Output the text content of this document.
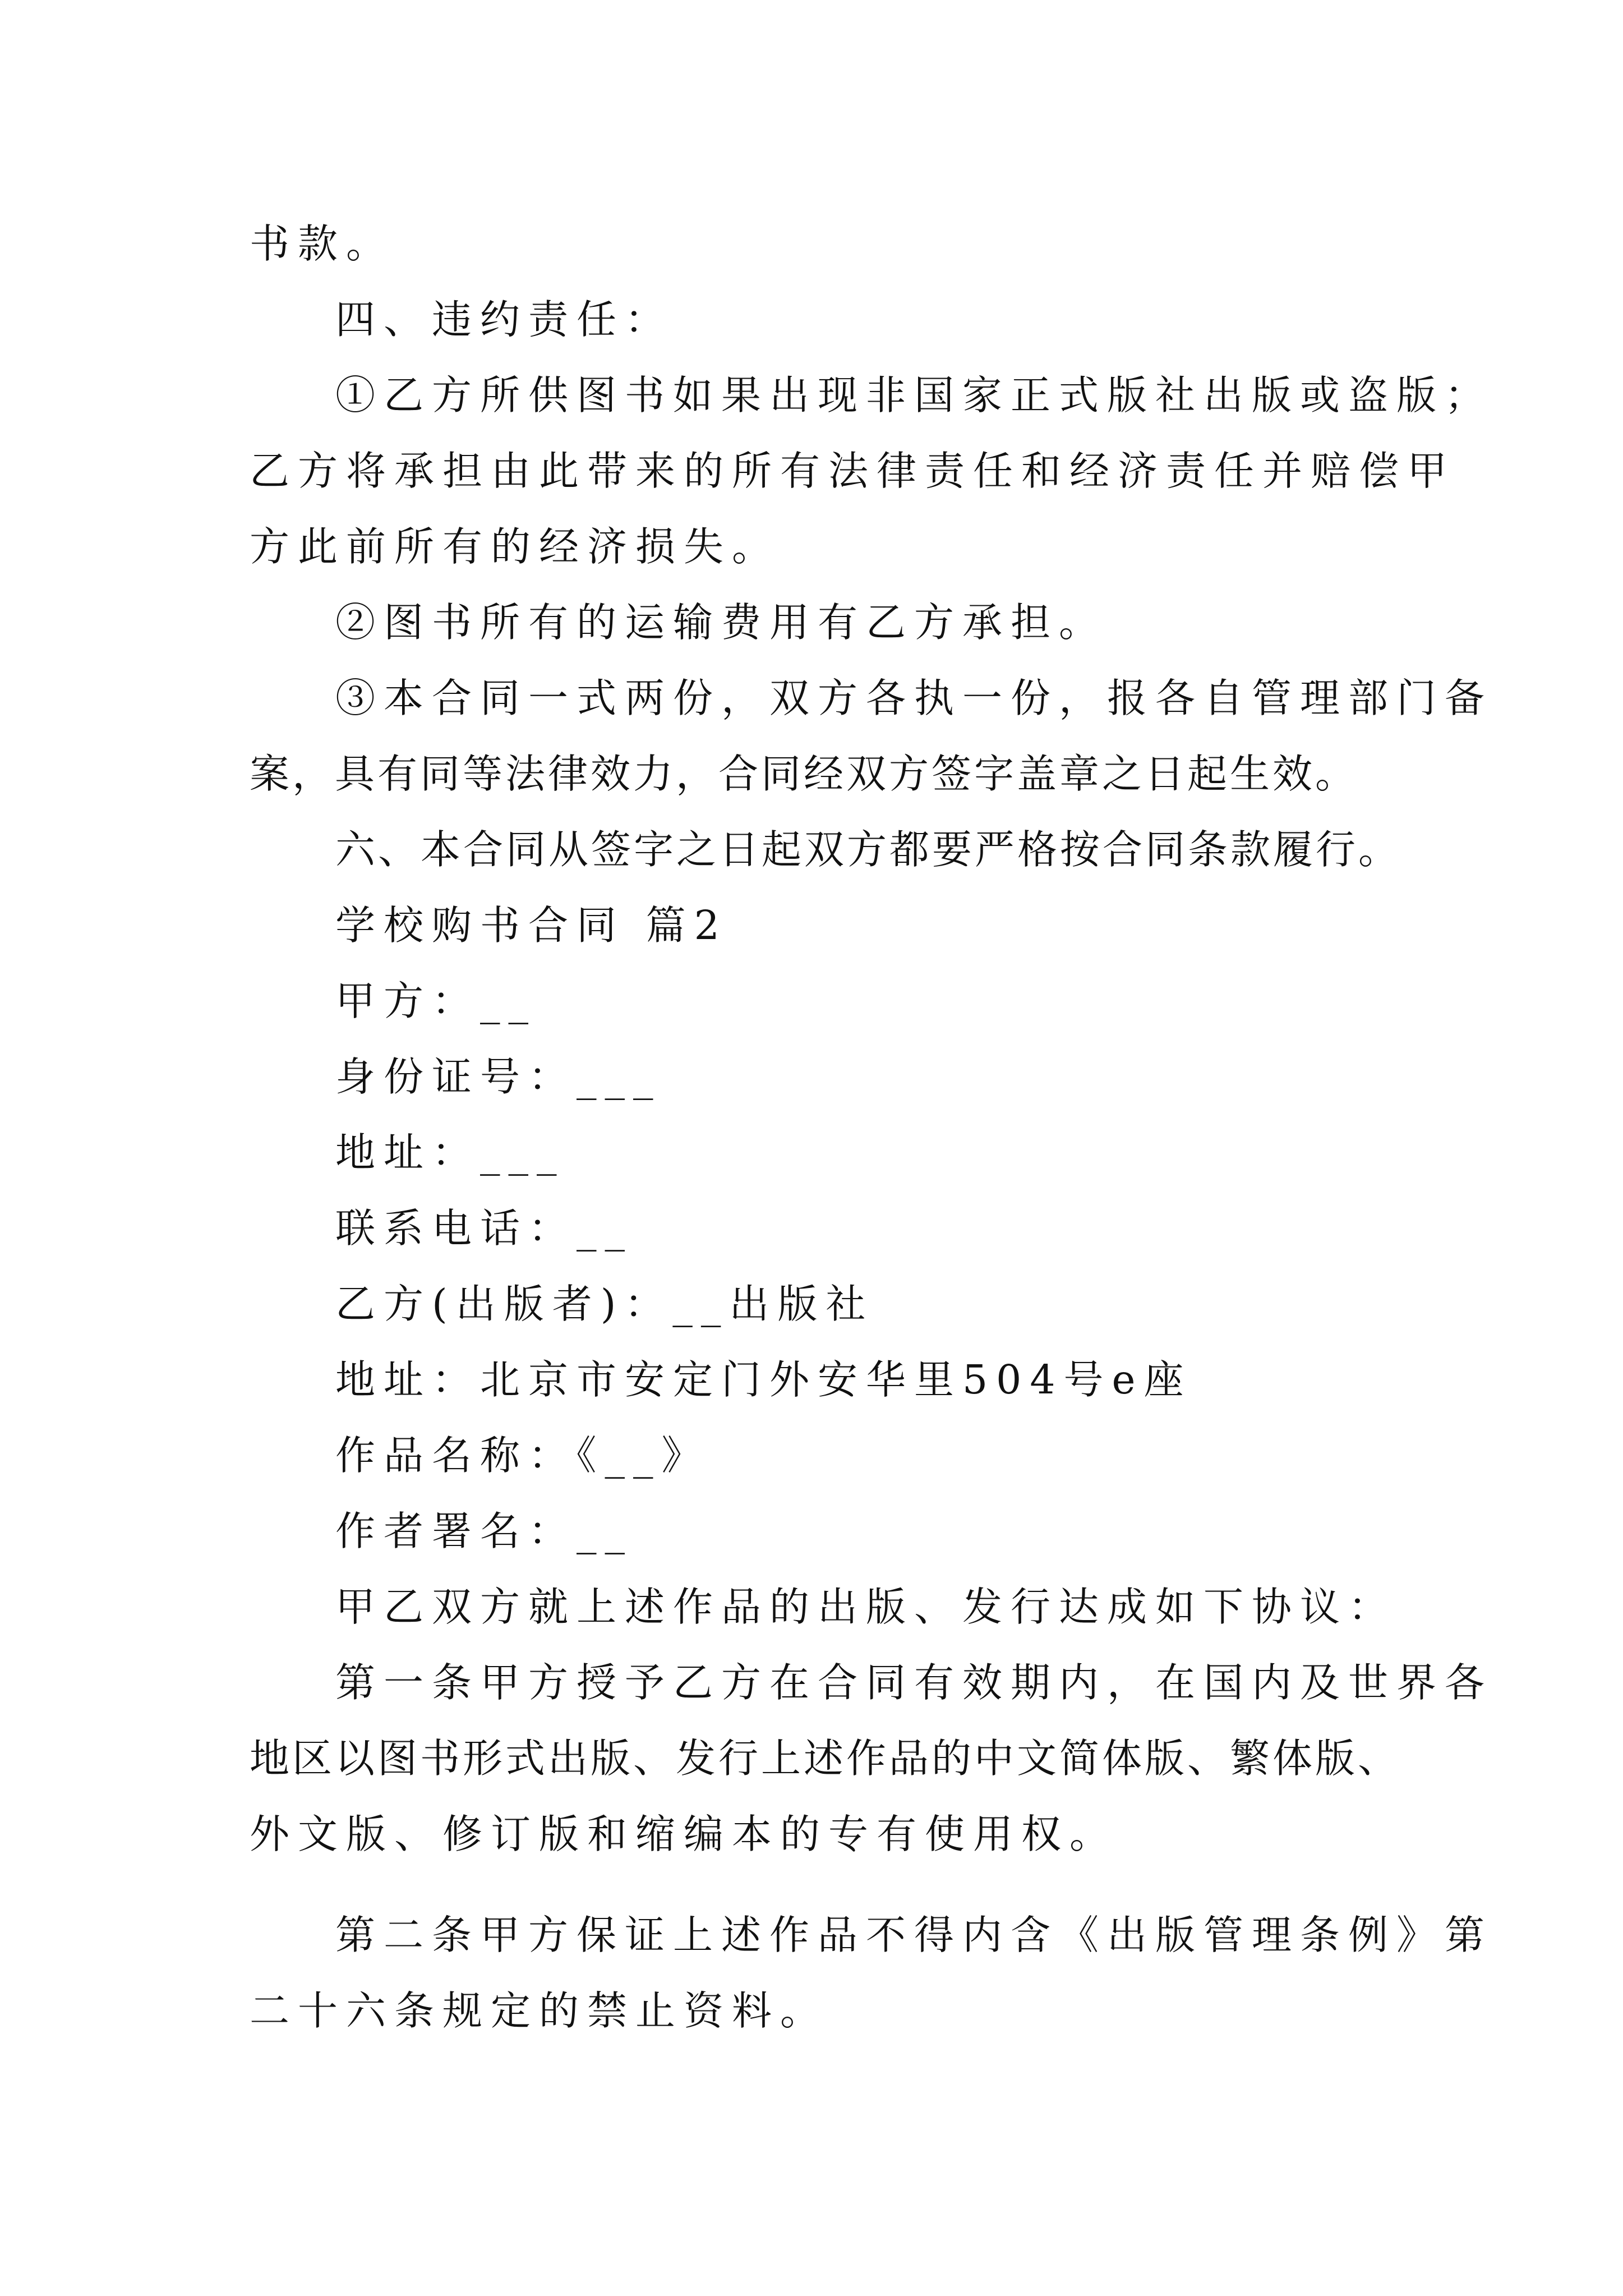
书款。
四、违约责任：
①乙方所供图书如果出现非国家正式版社出版或盗版；
乙方将承担由此带来的所有法律责任和经济责任并赔偿甲
方此前所有的经济损失。
②图书所有的运输费用有乙方承担。
③本合同一式两份，双方各执一份，报各自管理部门备
案，具有同等法律效力，合同经双方签字盖章之日起生效。
六、本合同从签字之日起双方都要严格按合同条款履行。
学校购书合同 篇2
甲方：__
身份证号：___
地址：___
联系电话：__
乙方(出版者)：__出版社
地址：北京市安定门外安华里504号e座
作品名称：《__》
作者署名：__
甲乙双方就上述作品的出版、发行达成如下协议：
第一条甲方授予乙方在合同有效期内，在国内及世界各
地区以图书形式出版、发行上述作品的中文简体版、繁体版、
外文版、修订版和缩编本的专有使用权。
第二条甲方保证上述作品不得内含《出版管理条例》第
二十六条规定的禁止资料。
